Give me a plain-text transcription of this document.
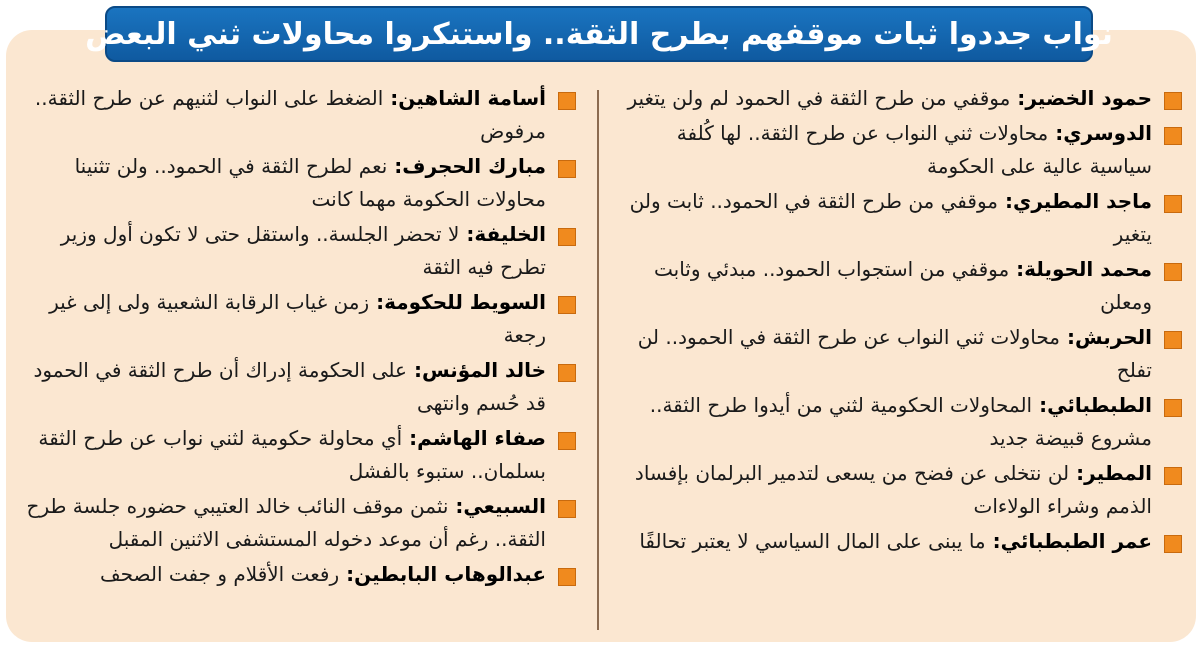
نواب جددوا ثبات موقفهم بطرح الثقة.. واستنكروا محاولات ثني البعض
حمود الخضير: موقفي من طرح الثقة في الحمود لم ولن يتغير
الدوسري: محاولات ثني النواب عن طرح الثقة.. لها كُلفة سياسية عالية على الحكومة
ماجد المطيري: موقفي من طرح الثقة في الحمود.. ثابت ولن يتغير
محمد الحويلة: موقفي من استجواب الحمود.. مبدئي وثابت ومعلن
الحربش: محاولات ثني النواب عن طرح الثقة في الحمود.. لن تفلح
الطبطبائي: المحاولات الحكومية لثني من أيدوا طرح الثقة.. مشروع قبيضة جديد
المطير: لن نتخلى عن فضح من يسعى لتدمير البرلمان بإفساد الذمم وشراء الولاءات
عمر الطبطبائي: ما يبنى على المال السياسي لا يعتبر تحالفًا
أسامة الشاهين: الضغط على النواب لثنيهم عن طرح الثقة.. مرفوض
مبارك الحجرف: نعم لطرح الثقة في الحمود.. ولن تثنينا محاولات الحكومة مهما كانت
الخليفة: لا تحضر الجلسة.. واستقل حتى لا تكون أول وزير تطرح فيه الثقة
السويط للحكومة: زمن غياب الرقابة الشعبية ولى إلى غير رجعة
خالد المؤنس: على الحكومة إدراك أن طرح الثقة في الحمود قد حُسم وانتهى
صفاء الهاشم: أي محاولة حكومية لثني نواب عن طرح الثقة بسلمان.. ستبوء بالفشل
السبيعي: نثمن موقف النائب خالد العتيبي حضوره جلسة طرح الثقة.. رغم أن موعد دخوله المستشفى الاثنين المقبل
عبدالوهاب البابطين: رفعت الأقلام و جفت الصحف
